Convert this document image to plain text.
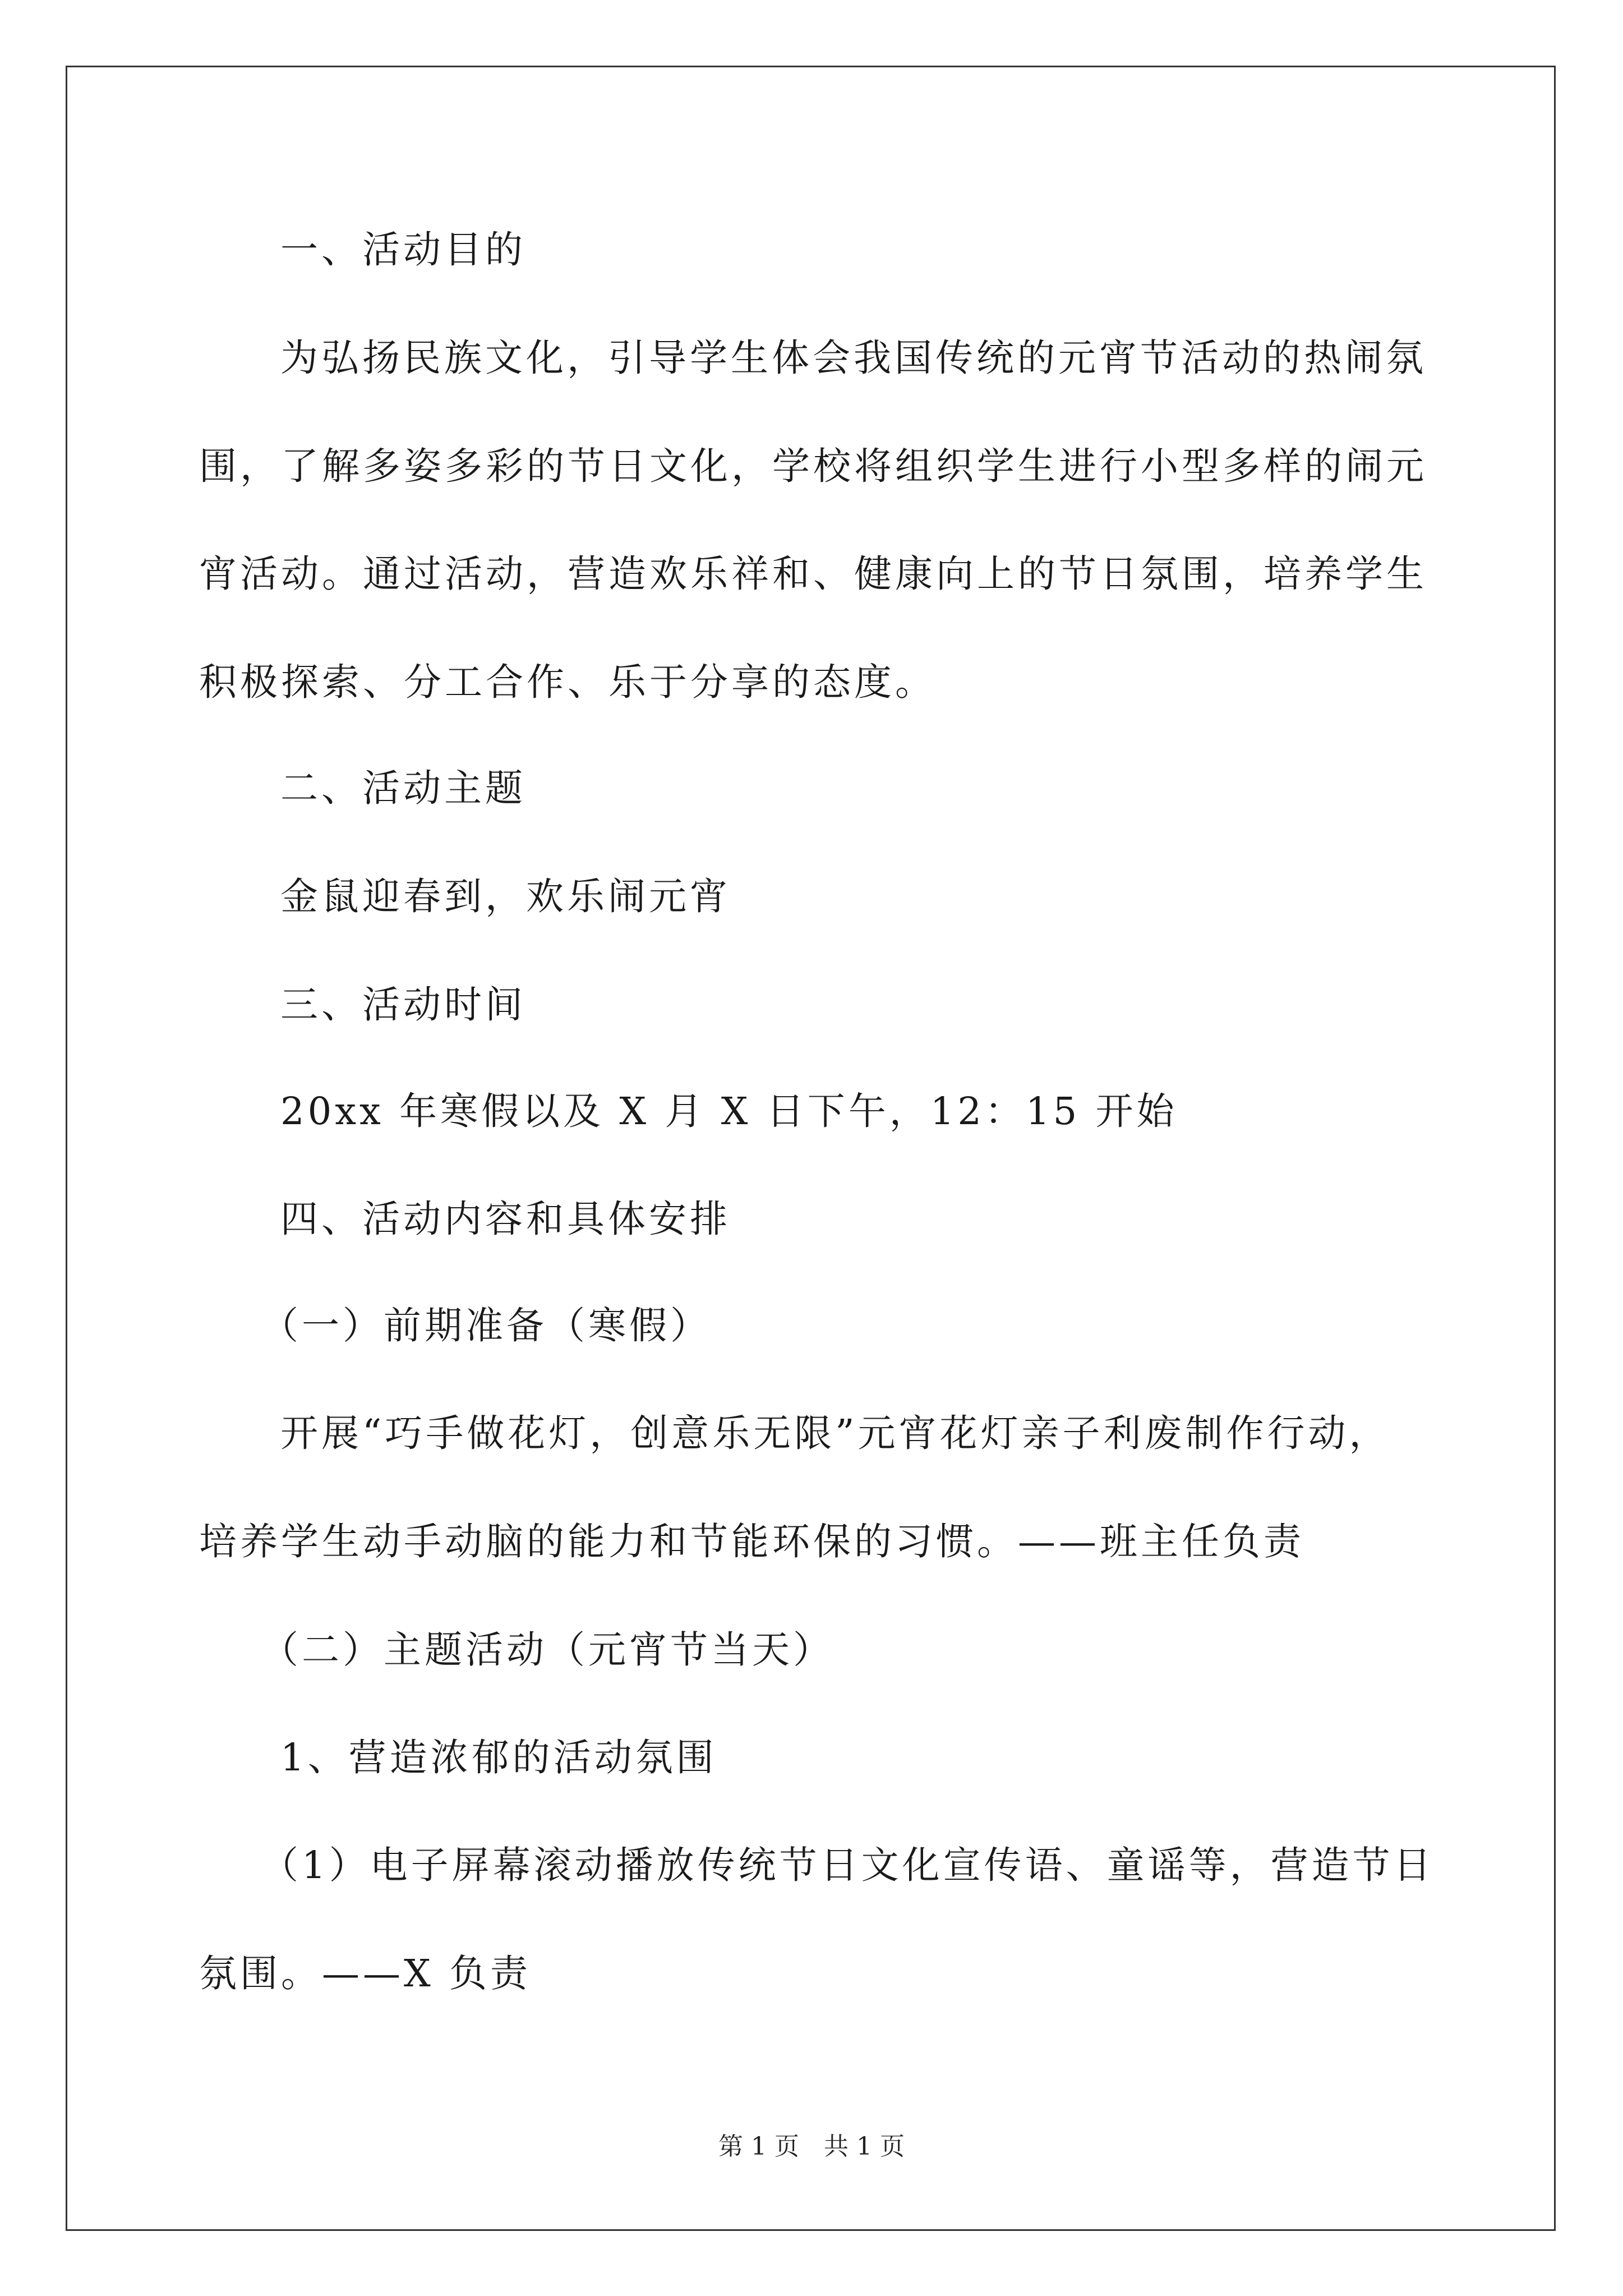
一、活动目的
为弘扬民族文化，引导学生体会我国传统的元宵节活动的热闹氛
围，了解多姿多彩的节日文化，学校将组织学生进行小型多样的闹元
宵活动。通过活动，营造欢乐祥和、健康向上的节日氛围，培养学生
积极探索、分工合作、乐于分享的态度。
二、活动主题
金鼠迎春到，欢乐闹元宵
三、活动时间
20xx 年寒假以及 X 月 X 日下午，12：15 开始
四、活动内容和具体安排
（一）前期准备（寒假）
开展“巧手做花灯，创意乐无限”元宵花灯亲子利废制作行动，
培养学生动手动脑的能力和节能环保的习惯。——班主任负责
（二）主题活动（元宵节当天）
1、营造浓郁的活动氛围
（1）电子屏幕滚动播放传统节日文化宣传语、童谣等，营造节日
氛围。——X 负责
第 1 页　共 1 页
